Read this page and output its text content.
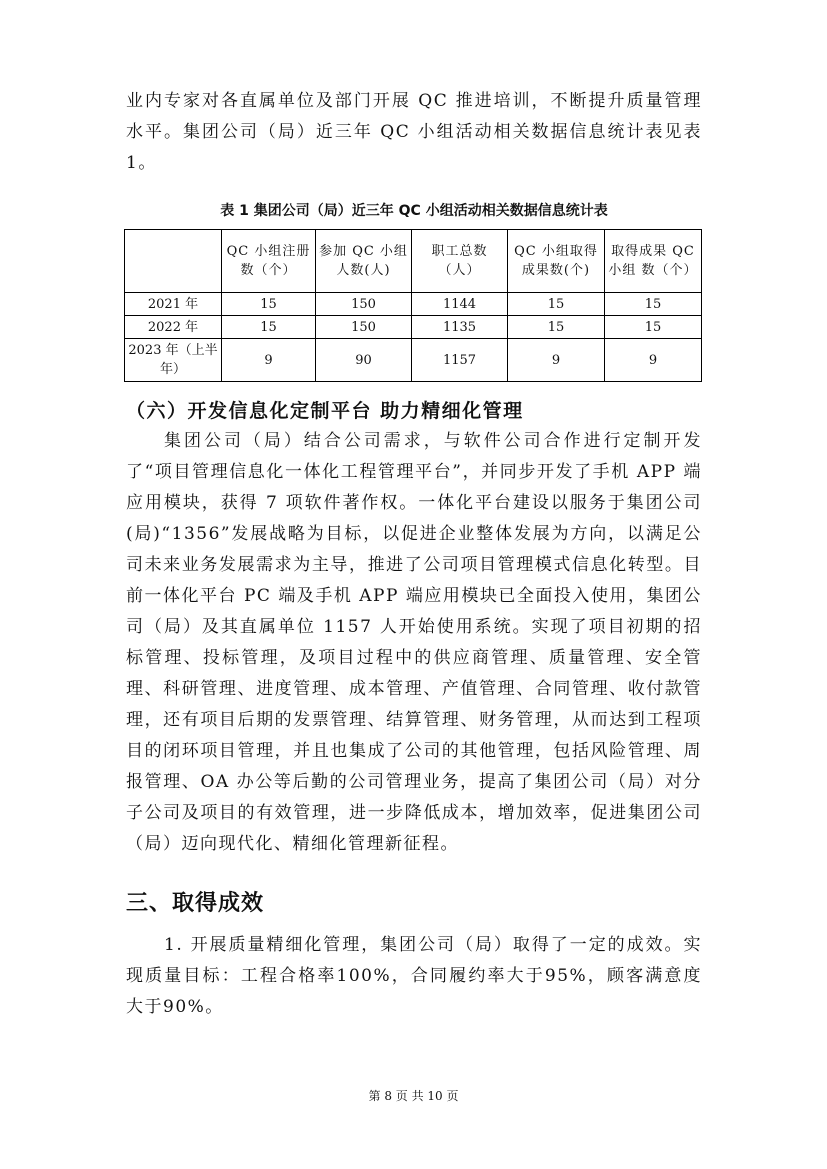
业内专家对各直属单位及部门开展 QC 推进培训，不断提升质量管理水平。集团公司（局）近三年 QC 小组活动相关数据信息统计表见表 1。
表 1 集团公司（局）近三年 QC 小组活动相关数据信息统计表
	QC 小组注册数（个）	参加 QC 小组人数(人)	职工总数（人）	QC 小组取得成果数(个)	取得成果 QC 小组 数（个）
2021 年	15	150	1144	15	15
2022 年	15	150	1135	15	15
2023 年（上半年）	9	90	1157	9	9
（六）开发信息化定制平台 助力精细化管理
集团公司（局）结合公司需求，与软件公司合作进行定制开发了“项目管理信息化一体化工程管理平台”，并同步开发了手机 APP 端应用模块，获得 7 项软件著作权。一体化平台建设以服务于集团公司(局)“1356”发展战略为目标，以促进企业整体发展为方向，以满足公司未来业务发展需求为主导，推进了公司项目管理模式信息化转型。目前一体化平台 PC 端及手机 APP 端应用模块已全面投入使用，集团公司（局）及其直属单位 1157 人开始使用系统。实现了项目初期的招标管理、投标管理，及项目过程中的供应商管理、质量管理、安全管理、科研管理、进度管理、成本管理、产值管理、合同管理、收付款管理，还有项目后期的发票管理、结算管理、财务管理，从而达到工程项目的闭环项目管理，并且也集成了公司的其他管理，包括风险管理、周报管理、OA 办公等后勤的公司管理业务，提高了集团公司（局）对分子公司及项目的有效管理，进一步降低成本，增加效率，促进集团公司（局）迈向现代化、精细化管理新征程。
三、取得成效
1. 开展质量精细化管理，集团公司（局）取得了一定的成效。实现质量目标：工程合格率100%，合同履约率大于95%，顾客满意度大于90%。
第 8 页 共 10 页
